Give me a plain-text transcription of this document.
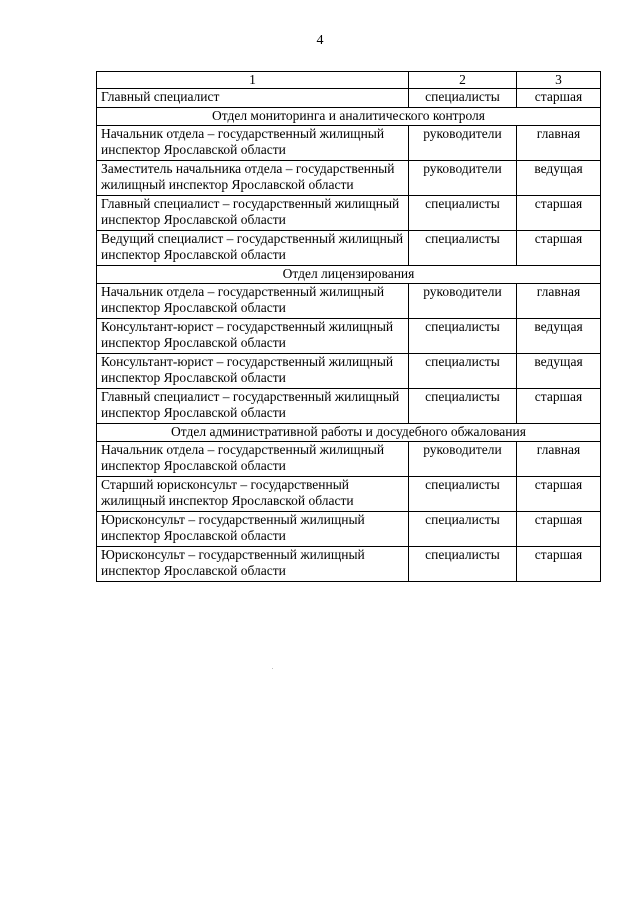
4
1	2	3
Главный специалист	специалисты	старшая
Отдел мониторинга и аналитического контроля		
Начальник отдела – государственный жилищный инспектор Ярославской области	руководители	главная
Заместитель начальника отдела – государственный жилищный инспектор Ярославской области	руководители	ведущая
Главный специалист – государственный жилищный инспектор Ярославской области	специалисты	старшая
Ведущий специалист – государственный жилищный инспектор Ярославской области	специалисты	старшая
Отдел лицензирования		
Начальник отдела – государственный жилищный инспектор Ярославской области	руководители	главная
Консультант-юрист – государственный жилищный инспектор Ярославской области	специалисты	ведущая
Консультант-юрист – государственный жилищный инспектор Ярославской области	специалисты	ведущая
Главный специалист – государственный жилищный инспектор Ярославской области	специалисты	старшая
Отдел административной работы и досудебного обжалования		
Начальник отдела – государственный жилищный инспектор Ярославской области	руководители	главная
Старший юрисконсульт – государственный жилищный инспектор Ярославской области	специалисты	старшая
Юрисконсульт – государственный жилищный инспектор Ярославской области	специалисты	старшая
Юрисконсульт – государственный жилищный инспектор Ярославской области	специалисты	старшая
